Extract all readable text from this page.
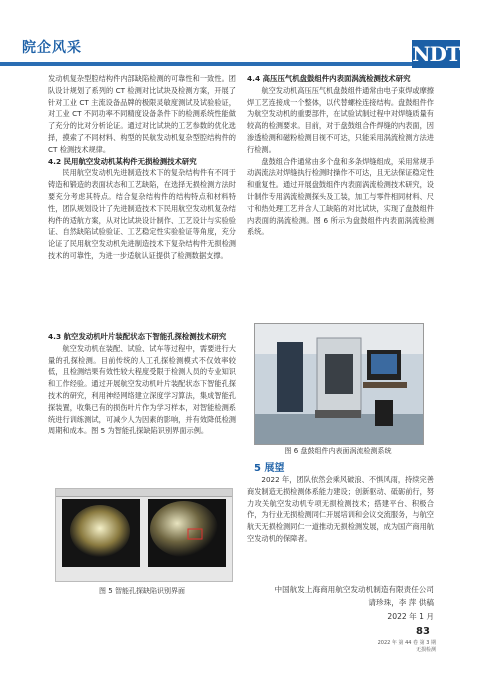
院企风采	NDT

发动机复杂型腔结构件内部缺陷检测的可靠性和一致性。团队设计规划了系列的 CT 检测对比试块及检测方案，开展了针对工业 CT 主流设备品牌的极限灵敏度测试及试验验证，对工业 CT 不同功率不同精度设备条件下的检测系统性能做了充分的比对分析论证。通过对比试块的工艺参数的优化选择，摸索了不同材料、构型的民航发动机复杂型腔结构件的 CT 检测技术规律。

4.2 民用航空发动机某构件无损检测技术研究

民用航空发动机先进制造技术下的复杂结构件有不同于铸造和锻造的表面状态和工艺缺陷，在选择无损检测方法时要充分考虑其特点。结合复杂结构件的结构特点和材料特性，团队规划设计了先进制造技术下民用航空发动机复杂结构件的适航方案，从对比试块设计制作、工艺设计与实验验证、自然缺陷试验验证、工艺稳定性实验验证等角度，充分论证了民用航空发动机先进制造技术下复杂结构件无损检测技术的可靠性，为进一步适航认证提供了检测数据支撑。

4.3 航空发动机叶片装配状态下智能孔探检测技术研究

航空发动机在装配、试验、试车等过程中，需要进行大量的孔探检测。目前传统的人工孔探检测模式不仅效率较低，且检测结果有效性较大程度受限于检测人员的专业知识和工作经验。通过开展航空发动机叶片装配状态下智能孔探技术的研究，利用神经网络建立深度学习算法，集成智能孔探装置，收集已有的损伤叶片作为学习样本，对智能检测系统进行训练测试，可减少人为因素的影响，并有效降低检测周期和成本。图 5 为智能孔探缺陷识别界面示例。

图 5 智能孔探缺陷识别界面
4.4 高压压气机盘鼓组件内表面涡流检测技术研究

航空发动机高压压气机盘鼓组件通常由电子束焊或摩擦焊工艺连接成一个整体，以代替螺栓连接结构。盘鼓组件作为航空发动机的重要部件，在试验试制过程中对焊缝质量有较高的检测要求。目前，对于盘鼓组合件焊缝的内表面，因渗透检测和磁粉检测目视不可达，只能采用涡流检测方法进行检测。

盘鼓组合件通常由多个盘和多条焊缝组成，采用常规手动涡流法对焊缝执行检测时操作不可达，且无法保证稳定性和重复性。通过开展盘鼓组件内表面涡流检测技术研究，设计制作专用涡流检测探头及工装，加工与零件相同材料、尺寸和热处理工艺并含人工缺陷的对比试块，实现了盘鼓组件内表面的涡流检测。图 6 所示为盘鼓组件内表面涡流检测系统。

图 6 盘鼓组件内表面涡流检测系统
5 展望

2022 年，团队依然会乘风破浪、不惧风雨，持续完善商发制造无损检测体系能力建设；创新驱动、砥砺前行，努力攻关航空发动机专项无损检测技术；搭建平台、积极合作，为行业无损检测同仁开展培训和会议交流服务，与航空航天无损检测同仁一道推动无损检测发展，成为国产商用航空发动机的保障者。

中国航发上海商用航空发动机制造有限责任公司
请珍珠，李 萍 供稿
2022 年 1 月
83
2022 年 第 44 卷 第 3 期
无损检测
